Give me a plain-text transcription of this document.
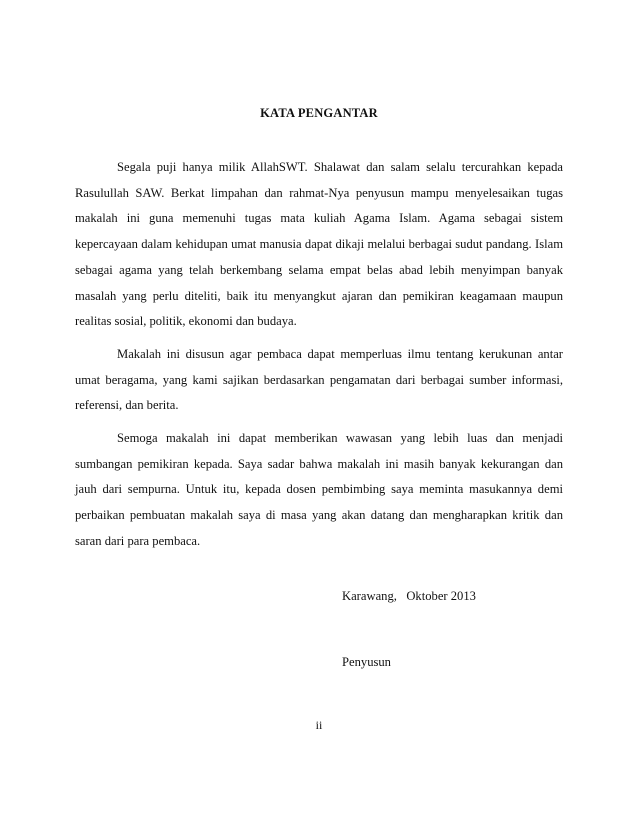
KATA PENGANTAR

Segala puji hanya milik AllahSWT. Shalawat dan salam selalu tercurahkan kepada Rasulullah SAW. Berkat limpahan dan rahmat-Nya penyusun mampu menyelesaikan tugas makalah ini guna memenuhi tugas mata kuliah Agama Islam. Agama sebagai sistem kepercayaan dalam kehidupan umat manusia dapat dikaji melalui berbagai sudut pandang. Islam sebagai agama yang telah berkembang selama empat belas abad lebih menyimpan banyak masalah yang perlu diteliti, baik itu menyangkut ajaran dan pemikiran keagamaan maupun realitas sosial, politik, ekonomi dan budaya.

Makalah ini disusun agar pembaca dapat memperluas ilmu tentang kerukunan antar umat beragama, yang kami sajikan berdasarkan pengamatan dari berbagai sumber informasi, referensi, dan berita.

Semoga makalah ini dapat memberikan wawasan yang lebih luas dan menjadi sumbangan pemikiran kepada. Saya sadar bahwa makalah ini masih banyak kekurangan dan jauh dari sempurna. Untuk itu, kepada dosen pembimbing saya meminta masukannya demi perbaikan pembuatan makalah saya di masa yang akan datang dan mengharapkan kritik dan saran dari para pembaca.

Karawang,   Oktober 2013
Penyusun
ii
